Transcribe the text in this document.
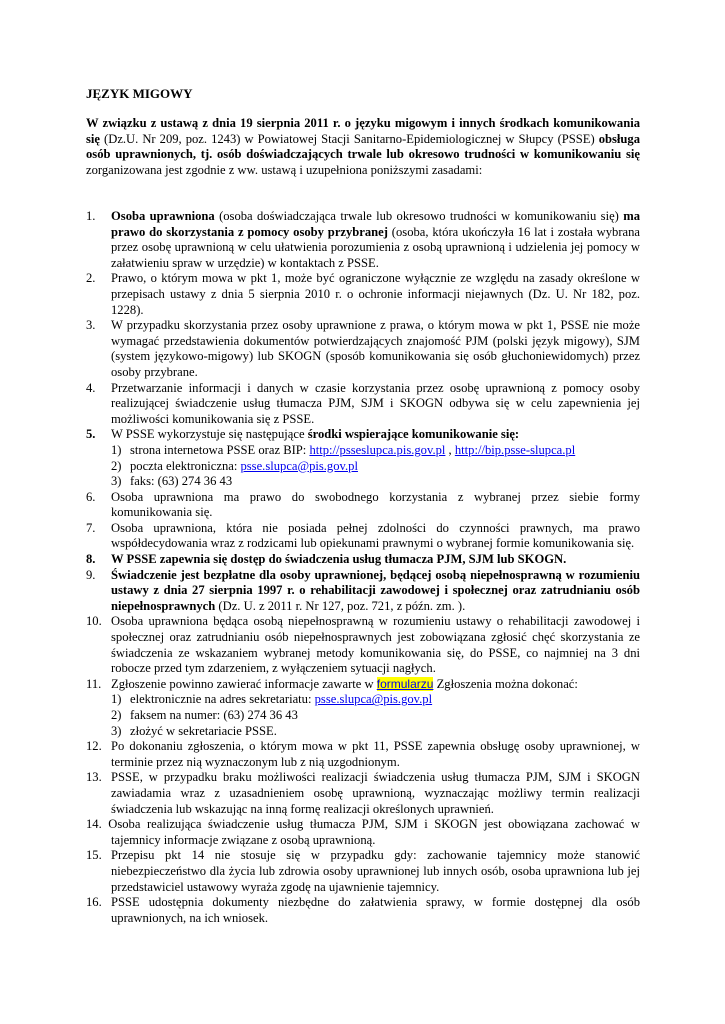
JĘZYK MIGOWY
W związku z ustawą z dnia 19 sierpnia 2011 r. o języku migowym i innych środkach komunikowania się (Dz.U. Nr 209, poz. 1243) w Powiatowej Stacji Sanitarno-Epidemiologicznej w Słupcy (PSSE) obsługa osób uprawnionych, tj. osób doświadczających trwale lub okresowo trudności w komunikowaniu się zorganizowana jest zgodnie z ww. ustawą i uzupełniona poniższymi zasadami:
1. Osoba uprawniona (osoba doświadczająca trwale lub okresowo trudności w komunikowaniu się) ma prawo do skorzystania z pomocy osoby przybranej (osoba, która ukończyła 16 lat i została wybrana przez osobę uprawnioną w celu ułatwienia porozumienia z osobą uprawnioną i udzielenia jej pomocy w załatwieniu spraw w urzędzie) w kontaktach z PSSE.
2. Prawo, o którym mowa w pkt 1, może być ograniczone wyłącznie ze względu na zasady określone w przepisach ustawy z dnia 5 sierpnia 2010 r. o ochronie informacji niejawnych (Dz. U. Nr 182, poz. 1228).
3. W przypadku skorzystania przez osoby uprawnione z prawa, o którym mowa w pkt 1, PSSE nie może wymagać przedstawienia dokumentów potwierdzających znajomość PJM (polski język migowy), SJM (system językowo-migowy) lub SKOGN (sposób komunikowania się osób głuchoniewidomych) przez osoby przybrane.
4. Przetwarzanie informacji i danych w czasie korzystania przez osobę uprawnioną z pomocy osoby realizującej świadczenie usług tłumacza PJM, SJM i SKOGN odbywa się w celu zapewnienia jej możliwości komunikowania się z PSSE.
5. W PSSE wykorzystuje się następujące środki wspierające komunikowanie się:
1) strona internetowa PSSE oraz BIP: http://psseslupca.pis.gov.pl , http://bip.psse-slupca.pl
2) poczta elektroniczna: psse.slupca@pis.gov.pl
3) faks: (63) 274 36 43
6. Osoba uprawniona ma prawo do swobodnego korzystania z wybranej przez siebie formy komunikowania się.
7. Osoba uprawniona, która nie posiada pełnej zdolności do czynności prawnych, ma prawo współdecydowania wraz z rodzicami lub opiekunami prawnymi o wybranej formie komunikowania się.
8. W PSSE zapewnia się dostęp do świadczenia usług tłumacza PJM, SJM lub SKOGN.
9. Świadczenie jest bezpłatne dla osoby uprawnionej, będącej osobą niepełnosprawną w rozumieniu ustawy z dnia 27 sierpnia 1997 r. o rehabilitacji zawodowej i społecznej oraz zatrudnianiu osób niepełnosprawnych (Dz. U. z 2011 r. Nr 127, poz. 721, z późn. zm. ).
10. Osoba uprawniona będąca osobą niepełnosprawną w rozumieniu ustawy o rehabilitacji zawodowej i społecznej oraz zatrudnianiu osób niepełnosprawnych jest zobowiązana zgłosić chęć skorzystania ze świadczenia ze wskazaniem wybranej metody komunikowania się, do PSSE, co najmniej na 3 dni robocze przed tym zdarzeniem, z wyłączeniem sytuacji nagłych.
11. Zgłoszenie powinno zawierać informacje zawarte w formularzu Zgłoszenia można dokonać:
1) elektronicznie na adres sekretariatu: psse.slupca@pis.gov.pl
2) faksem na numer: (63) 274 36 43
3) złożyć w sekretariacie PSSE.
12. Po dokonaniu zgłoszenia, o którym mowa w pkt 11, PSSE zapewnia obsługę osoby uprawnionej, w terminie przez nią wyznaczonym lub z nią uzgodnionym.
13. PSSE, w przypadku braku możliwości realizacji świadczenia usług tłumacza PJM, SJM i SKOGN zawiadamia wraz z uzasadnieniem osobę uprawnioną, wyznaczając możliwy termin realizacji świadczenia lub wskazując na inną formę realizacji określonych uprawnień.
14. Osoba realizująca świadczenie usług tłumacza PJM, SJM i SKOGN jest obowiązana zachować w tajemnicy informacje związane z osobą uprawnioną.
15. Przepisu pkt 14 nie stosuje się w przypadku gdy: zachowanie tajemnicy może stanowić niebezpieczeństwo dla życia lub zdrowia osoby uprawnionej lub innych osób, osoba uprawniona lub jej przedstawiciel ustawowy wyraża zgodę na ujawnienie tajemnicy.
16. PSSE udostępnia dokumenty niezbędne do załatwienia sprawy, w formie dostępnej dla osób uprawnionych, na ich wniosek.
